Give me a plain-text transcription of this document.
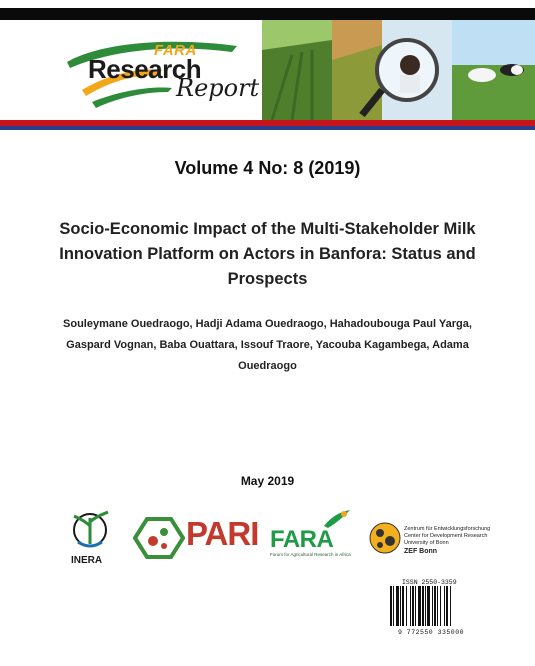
FARA
Research
Report
Volume 4 No: 8 (2019)
Socio-Economic Impact of the Multi-Stakeholder Milk Innovation Platform on Actors in Banfora: Status and Prospects
Souleymane Ouedraogo, Hadji Adama Ouedraogo, Hahadoubouga Paul Yarga, Gaspard Vognan, Baba Ouattara, Issouf Traore, Yacouba Kagambega, Adama Ouedraogo
May 2019
INERA
PARI FARA
Forum for Agricultural Research in Africa
Zentrum für Entwicklungsforschung
Center for Development Research
University of Bonn
ZEF Bonn
ISSN 2550-3359
9 772550 335000
